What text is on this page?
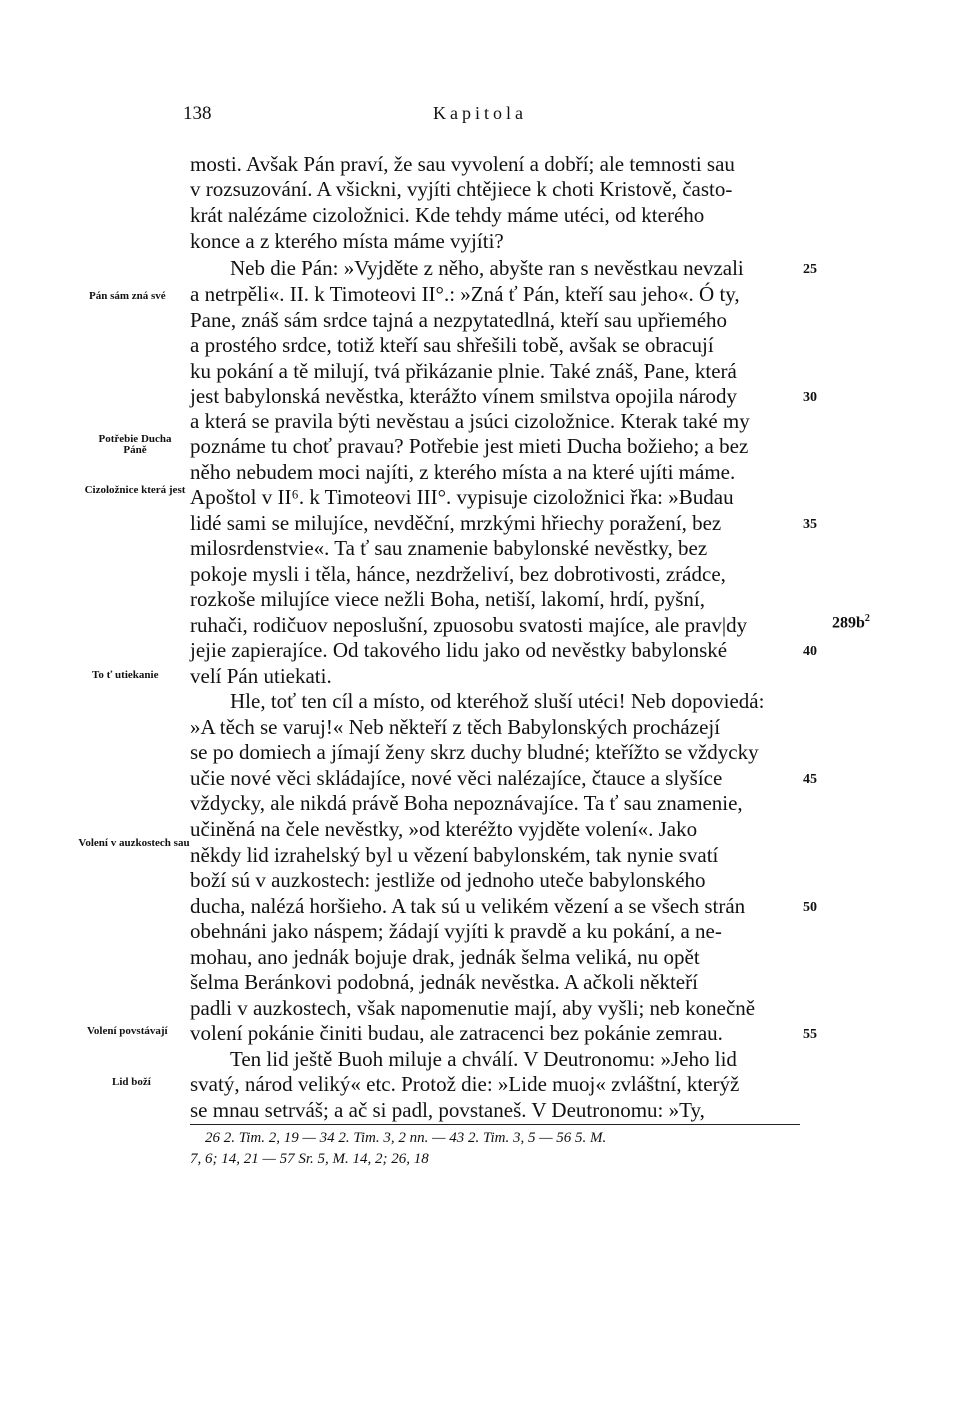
138	Kapitola
mosti. Avšak Pán praví, že sau vyvolení a dobří; ale temnosti sau
v rozsuzování. A všickni, vyjíti chtějiece k choti Kristově, často-
krát nalézáme cizoložnici. Kde tehdy máme utéci, od kterého
konce a z kterého místa máme vyjíti?
Neb die Pán: »Vyjděte z něho, abyšte ran s nevěstkau nevzali
a netrpěli«. II. k Timoteovi II°.: »Zná ť Pán, kteří sau jeho«. Ó ty,
Pane, znáš sám srdce tajná a nezpytatedlná, kteří sau upřiemého
a prostého srdce, totiž kteří sau shřešili tobě, avšak se obracují
ku pokání a tě milují, tvá přikázanie plnie. Také znáš, Pane, která
jest babylonská nevěstka, kterážto vínem smilstva opojila národy
a která se pravila býti nevěstau a jsúci cizoložnice. Kterak také my
poznáme tu choť pravau? Potřebie jest mieti Ducha božieho; a bez
něho nebudem moci najíti, z kterého místa a na které ujíti máme.
Apoštol v II⁶. k Timoteovi III°. vypisuje cizoložnici řka: »Budau
lidé sami se milujíce, nevděční, mrzkými hřiechy poražení, bez
milosrdenstvie«. Ta ť sau znamenie babylonské nevěstky, bez
pokoje mysli i těla, hánce, nezdrželiví, bez dobrotivosti, zrádce,
rozkoše milujíce viece nežli Boha, netiší, lakomí, hrdí, pyšní,
ruhači, rodičuov neposlušní, zpuosobu svatosti majíce, ale prav|dy
jejie zapierajíce. Od takového lidu jako od nevěstky babylonské
velí Pán utiekati.
Hle, toť ten cíl a místo, od kteréhož sluší utéci! Neb dopoviedá:
»A těch se varuj!« Neb někteří z těch Babylonských procházejí
se po domiech a jímají ženy skrz duchy bludné; kteřížto se vždycky
učie nové věci skládajíce, nové věci nalézajíce, čtauce a slyšíce
vždycky, ale nikdá právě Boha nepoznávajíce. Ta ť sau znamenie,
učiněná na čele nevěstky, »od kteréžto vyjděte volení«. Jako
někdy lid izrahelský byl u vězení babylonském, tak nynie svatí
boží sú v auzkostech: jestliže od jednoho uteče babylonského
ducha, nalézá horšieho. A tak sú u velikém vězení a se všech strán
obehnáni jako náspem; žádají vyjíti k pravdě a ku pokání, a ne-
mohau, ano jednák bojuje drak, jednák šelma veliká, nu opět
šelma Beránkovi podobná, jednák nevěstka. A ačkoli někteří
padli v auzkostech, však napomenutie mají, aby vyšli; neb konečně
volení pokánie činiti budau, ale zatracenci bez pokánie zemrau.
Ten lid ještě Buoh miluje a chválí. V Deutronomu: »Jeho lid
svatý, národ veliký« etc. Protož die: »Lide muoj« zvláštní, kterýž
se mnau setrváš; a ač si padl, povstaneš. V Deutronomu: »Ty,
25
30
35
40
45
50
55
Pán sám zná své
Potřebie Ducha Páně
Cizoložnice která jest
To ť utiekanie
Volení v auzkostech sau
Volení povstávají
Lid boží
$289b^2$
26 2. Tim. 2, 19 — 34 2. Tim. 3, 2 nn. — 43 2. Tim. 3, 5 — 56 5. M.
7, 6; 14, 21 — 57 Sr. 5, M. 14, 2; 26, 18
